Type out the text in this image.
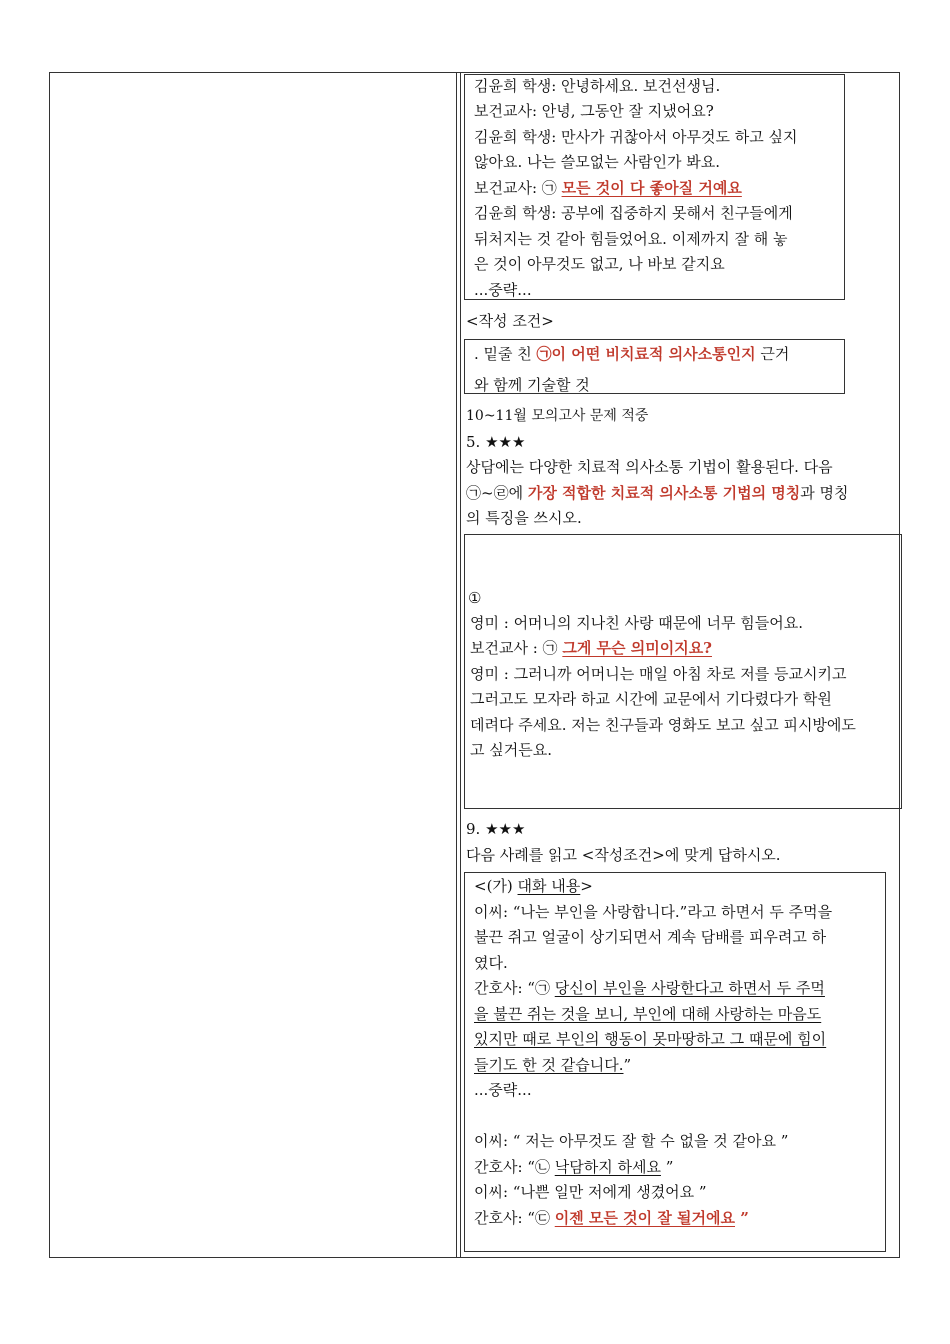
김윤희 학생: 안녕하세요. 보건선생님.
보건교사: 안녕, 그동안 잘 지냈어요?
김윤희 학생: 만사가 귀찮아서 아무것도 하고 싶지
않아요. 나는 쓸모없는 사람인가 봐요.
보건교사: ㉠ 모든 것이 다 좋아질 거예요
김윤희 학생: 공부에 집중하지 못해서 친구들에게
뒤처지는 것 같아 힘들었어요. 이제까지 잘 해 놓
은 것이 아무것도 없고, 나 바보 같지요
...중략...
<작성 조건>
. 밑줄 친 ㉠이 어떤 비치료적 의사소통인지 근거
와 함께 기술할 것
10~11월 모의고사 문제 적중
5. ★★★
상담에는 다양한 치료적 의사소통 기법이 활용된다. 다음
㉠~㉣에 가장 적합한 치료적 의사소통 기법의 명칭과 명칭
의 특징을 쓰시오.
①
영미 : 어머니의 지나친 사랑 때문에 너무 힘들어요.
보건교사 : ㉠ 그게 무슨 의미이지요?
영미 : 그러니까 어머니는 매일 아침 차로 저를 등교시키고
그러고도 모자라 하교 시간에 교문에서 기다렸다가 학원
데려다 주세요. 저는 친구들과 영화도 보고 싶고 피시방에도
고 싶거든요.
9. ★★★
다음 사례를 읽고 <작성조건>에 맞게 답하시오.
<(가) 대화 내용>
이씨: “나는 부인을 사랑합니다.”라고 하면서 두 주먹을
불끈 쥐고 얼굴이 상기되면서 계속 담배를 피우려고 하
였다.
간호사: “㉠ 당신이 부인을 사랑한다고 하면서 두 주먹
을 불끈 쥐는 것을 보니, 부인에 대해 사랑하는 마음도
있지만 때로 부인의 행동이 못마땅하고 그 때문에 힘이
들기도 한 것 같습니다.”
...중략...
이씨: “ 저는 아무것도 잘 할 수 없을 것 같아요 ”
간호사: “㉡ 낙담하지 하세요 ”
이씨: “나쁜 일만 저에게 생겼어요 ”
간호사: “㉢ 이젠 모든 것이 잘 될거에요 ”
